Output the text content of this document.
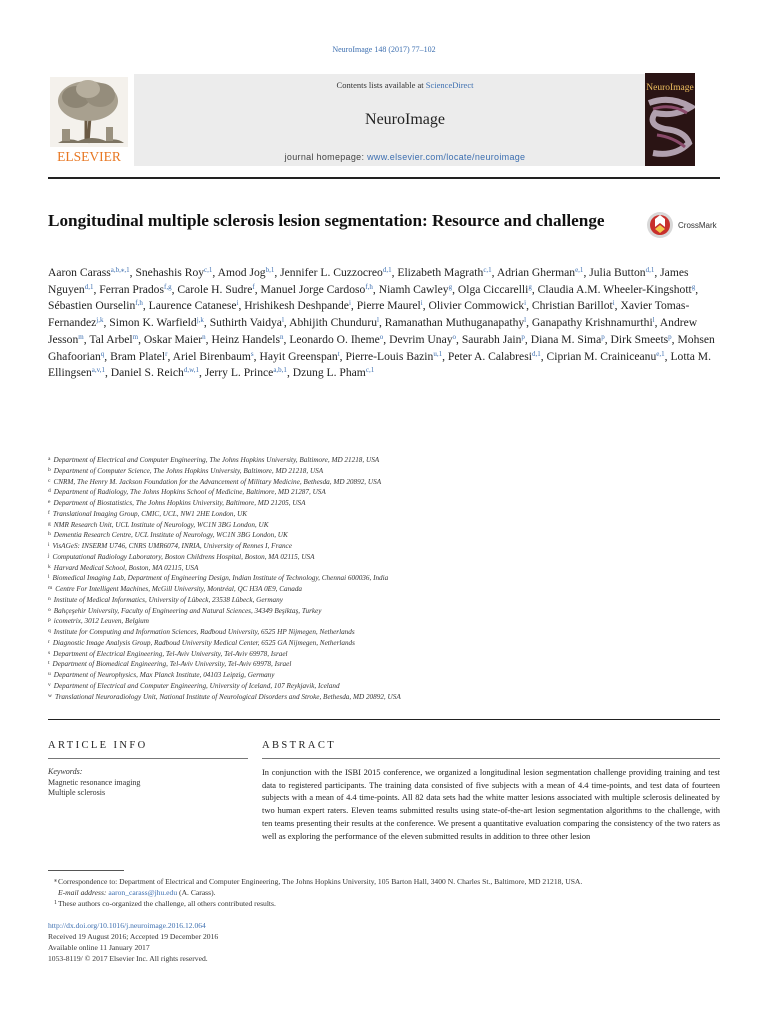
NeuroImage 148 (2017) 77–102
ELSEVIER
Contents lists available at ScienceDirect
NeuroImage
journal homepage: www.elsevier.com/locate/neuroimage
NeuroImage
Longitudinal multiple sclerosis lesion segmentation: Resource and challenge	CrossMark
Aaron Carass$^{a,b,⁎,1}$, Snehashis Roy$^{c,1}$, Amod Jog$^{b,1}$, Jennifer L. Cuzzocreo$^{d,1}$, Elizabeth Magrath$^{c,1}$, Adrian Gherman$^{e,1}$, Julia Button$^{d,1}$, James Nguyen$^{d,1}$, Ferran Prados$^{f,g}$, Carole H. Sudre$^f$, Manuel Jorge Cardoso$^{f,h}$, Niamh Cawley$^g$, Olga Ciccarelli$^g$, Claudia A.M. Wheeler-Kingshott$^g$, Sébastien Ourselin$^{f,h}$, Laurence Catanese$^i$, Hrishikesh Deshpande$^i$, Pierre Maurel$^i$, Olivier Commowick$^i$, Christian Barillot$^i$, Xavier Tomas-Fernandez$^{j,k}$, Simon K. Warfield$^{j,k}$, Suthirth Vaidya$^l$, Abhijith Chunduru$^l$, Ramanathan Muthuganapathy$^l$, Ganapathy Krishnamurthi$^l$, Andrew Jesson$^m$, Tal Arbel$^m$, Oskar Maier$^n$, Heinz Handels$^n$, Leonardo O. Iheme$^o$, Devrim Unay$^o$, Saurabh Jain$^p$, Diana M. Sima$^p$, Dirk Smeets$^p$, Mohsen Ghafoorian$^q$, Bram Platel$^r$, Ariel Birenbaum$^s$, Hayit Greenspan$^t$, Pierre-Louis Bazin$^{u,1}$, Peter A. Calabresi$^{d,1}$, Ciprian M. Crainiceanu$^{e,1}$, Lotta M. Ellingsen$^{a,v,1}$, Daniel S. Reich$^{d,w,1}$, Jerry L. Prince$^{a,b,1}$, Dzung L. Pham$^{c,1}$
$^a$ Department of Electrical and Computer Engineering, The Johns Hopkins University, Baltimore, MD 21218, USA
$^b$ Department of Computer Science, The Johns Hopkins University, Baltimore, MD 21218, USA
$^c$ CNRM, The Henry M. Jackson Foundation for the Advancement of Military Medicine, Bethesda, MD 20892, USA
$^d$ Department of Radiology, The Johns Hopkins School of Medicine, Baltimore, MD 21287, USA
$^e$ Department of Biostatistics, The Johns Hopkins University, Baltimore, MD 21205, USA
$^f$ Translational Imaging Group, CMIC, UCL, NW1 2HE London, UK
$^g$ NMR Research Unit, UCL Institute of Neurology, WC1N 3BG London, UK
$^h$ Dementia Research Centre, UCL Institute of Neurology, WC1N 3BG London, UK
$^i$ VisAGeS: INSERM U746, CNRS UMR6074, INRIA, University of Rennes I, France
$^j$ Computational Radiology Laboratory, Boston Childrens Hospital, Boston, MA 02115, USA
$^k$ Harvard Medical School, Boston, MA 02115, USA
$^l$ Biomedical Imaging Lab, Department of Engineering Design, Indian Institute of Technology, Chennai 600036, India
$^m$ Centre For Intelligent Machines, McGill University, Montréal, QC H3A 0E9, Canada
$^n$ Institute of Medical Informatics, University of Lübeck, 23538 Lübeck, Germany
$^o$ Bahçeşehir University, Faculty of Engineering and Natural Sciences, 34349 Beşiktaş, Turkey
$^p$ icometrix, 3012 Leuven, Belgium
$^q$ Institute for Computing and Information Sciences, Radboud University, 6525 HP Nijmegen, Netherlands
$^r$ Diagnostic Image Analysis Group, Radboud University Medical Center, 6525 GA Nijmegen, Netherlands
$^s$ Department of Electrical Engineering, Tel-Aviv University, Tel-Aviv 69978, Israel
$^t$ Department of Biomedical Engineering, Tel-Aviv University, Tel-Aviv 69978, Israel
$^u$ Department of Neurophysics, Max Planck Institute, 04103 Leipzig, Germany
$^v$ Department of Electrical and Computer Engineering, University of Iceland, 107 Reykjavik, Iceland
$^w$ Translational Neuroradiology Unit, National Institute of Neurological Disorders and Stroke, Bethesda, MD 20892, USA
ARTICLE INFO	ABSTRACT
Keywords:
Magnetic resonance imaging
Multiple sclerosis

In conjunction with the ISBI 2015 conference, we organized a longitudinal lesion segmentation challenge providing training and test data to registered participants. The training data consisted of five subjects with a mean of 4.4 time-points, and test data of fourteen subjects with a mean of 4.4 time-points. All 82 data sets had the white matter lesions associated with multiple sclerosis delineated by two human expert raters. Eleven teams submitted results using state-of-the-art lesion segmentation algorithms to the challenge, with ten teams presenting their results at the conference. We present a quantitative evaluation comparing the consistency of the two raters as well as exploring the performance of the eleven submitted results in addition to three other lesion

⁎ Correspondence to: Department of Electrical and Computer Engineering, The Johns Hopkins University, 105 Barton Hall, 3400 N. Charles St., Baltimore, MD 21218, USA.
E-mail address: aaron_carass@jhu.edu (A. Carass).
1 These authors co-organized the challenge, all others contributed results.
http://dx.doi.org/10.1016/j.neuroimage.2016.12.064
Received 19 August 2016; Accepted 19 December 2016
Available online 11 January 2017
1053-8119/ © 2017 Elsevier Inc. All rights reserved.
